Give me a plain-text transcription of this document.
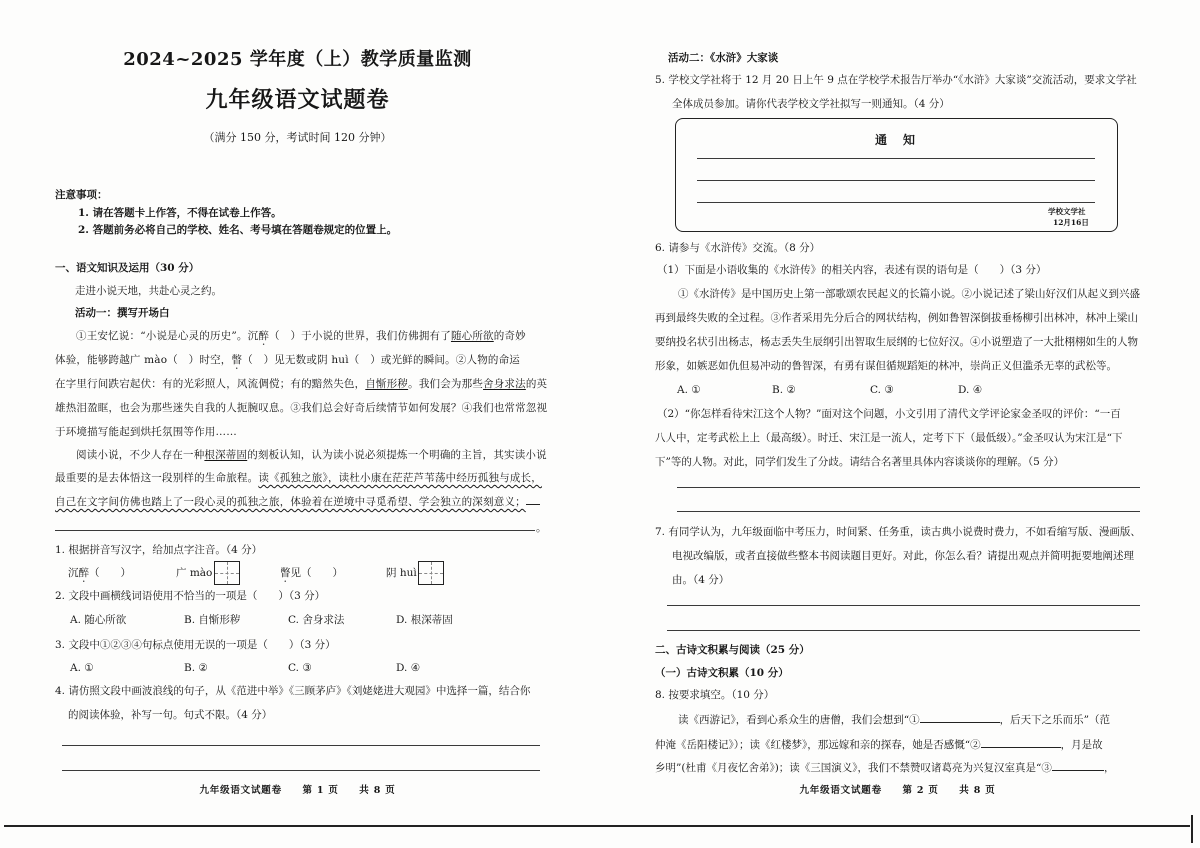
2024~2025 学年度（上）教学质量监测
九年级语文试题卷
（满分 150 分，考试时间 120 分钟）
注意事项：
1. 请在答题卡上作答，不得在试卷上作答。
2. 答题前务必将自己的学校、姓名、考号填在答题卷规定的位置上。
一、语文知识及运用（30 分）
走进小说天地，共赴心灵之约。
活动一：撰写开场白
①王安忆说：“小说是心灵的历史”。沉醉（　）于小说的世界，我们仿佛拥有了随心所欲的奇妙
体验，能够跨越广 mào（　）时空，瞥（　）见无数或阴 huì（　）或光鲜的瞬间。②人物的命运
在字里行间跌宕起伏：有的光彩照人，风流倜傥；有的黯然失色，自惭形秽。我们会为那些舍身求法的英
雄热泪盈眶，也会为那些迷失自我的人扼腕叹息。③我们总会好奇后续情节如何发展？④我们也常常忽视
于环境描写能起到烘托氛围等作用……
阅读小说，不少人存在一种根深蒂固的刻板认知，认为读小说必须提炼一个明确的主旨，其实读小说
最重要的是去体悟这一段别样的生命旅程。读《孤独之旅》，读杜小康在茫茫芦苇荡中经历孤独与成长，
自己在文字间仿佛也踏上了一段心灵的孤独之旅，体验着在逆境中寻觅希望、学会独立的深刻意义；
。
1. 根据拼音写汉字，给加点字注音。（4 分）
沉醉（　　）	广 mào	瞥见（　　）	阴 huì
2. 文段中画横线词语使用不恰当的一项是（　　）（3 分）
A. 随心所欲	B. 自惭形秽	C. 舍身求法	D. 根深蒂固
3. 文段中①②③④句标点使用无误的一项是（　　）（3 分）
A. ①	B. ②	C. ③	D. ④
4. 请仿照文段中画波浪线的句子，从《范进中举》《三顾茅庐》《刘姥姥进大观园》中选择一篇，结合你
的阅读体验，补写一句。句式不限。（4 分）
九年级语文试题卷　　第 1 页　　共 8 页
活动二：《水浒》大家谈
5. 学校文学社将于 12 月 20 日上午 9 点在学校学术报告厅举办“《水浒》大家谈”交流活动，要求文学社
全体成员参加。请你代表学校文学社拟写一则通知。（4 分）
通　知
学校文学社
12月16日
6. 请参与《水浒传》交流。（8 分）
（1）下面是小语收集的《水浒传》的相关内容，表述有误的语句是（　　）（3 分）
①《水浒传》是中国历史上第一部歌颂农民起义的长篇小说。②小说记述了梁山好汉们从起义到兴盛
再到最终失败的全过程。③作者采用先分后合的网状结构，例如鲁智深倒拔垂杨柳引出林冲，林冲上梁山
要纳投名状引出杨志，杨志丢失生辰纲引出智取生辰纲的七位好汉。④小说塑造了一大批栩栩如生的人物
形象，如嫉恶如仇但易冲动的鲁智深，有勇有谋但循规蹈矩的林冲，崇尚正义但滥杀无辜的武松等。
A. ①	B. ②	C. ③	D. ④
（2）“你怎样看待宋江这个人物？”面对这个问题，小文引用了清代文学评论家金圣叹的评价：“一百
八人中，定考武松上上（最高级）。时迁、宋江是一流人，定考下下（最低级）。”金圣叹认为宋江是“下
下”等的人物。对此，同学们发生了分歧。请结合名著里具体内容谈谈你的理解。（5 分）
7. 有同学认为，九年级面临中考压力，时间紧、任务重，读古典小说费时费力，不如看缩写版、漫画版、
电视改编版，或者直接做些整本书阅读题目更好。对此，你怎么看？请提出观点并简明扼要地阐述理
由。（4 分）
二、古诗文积累与阅读（25 分）
（一）古诗文积累（10 分）
8. 按要求填空。（10 分）
读《西游记》，看到心系众生的唐僧，我们会想到“①	，后天下之乐而乐”（范
仲淹《岳阳楼记》）；读《红楼梦》，那远嫁和亲的探春，她是否感慨“②	，月是故
乡明”(杜甫《月夜忆舍弟》)；读《三国演义》，我们不禁赞叹诸葛亮为兴复汉室真是“③	，
九年级语文试题卷　　第 2 页　　共 8 页
